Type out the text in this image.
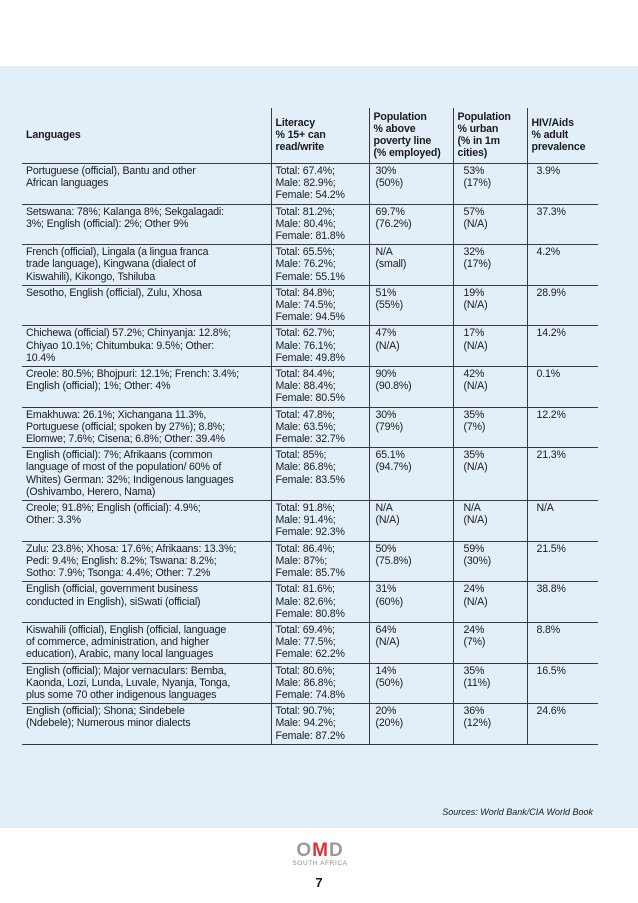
Languages	Literacy
% 15+ can
read/write	Population
% above
poverty line
(% employed)	Population
% urban
(% in 1m
cities)	HIV/Aids
% adult
prevalence

Portuguese (official), Bantu and other
African languages	Total: 67.4%;
Male: 82.9%;
Female: 54.2%	30%
(50%)	53%
(17%)	3.9%
Setswana: 78%; Kalanga 8%; Sekgalagadi:
3%; English (official): 2%; Other 9%	Total: 81.2%;
Male: 80.4%;
Female: 81.8%	69.7%
(76.2%)	57%
(N/A)	37.3%
French (official), Lingala (a lingua franca
trade language), Kingwana (dialect of
Kiswahili), Kikongo, Tshiluba	Total: 65.5%;
Male: 76.2%;
Female: 55.1%	N/A
(small)	32%
(17%)	4.2%
Sesotho, English (official), Zulu, Xhosa	Total: 84.8%;
Male: 74.5%;
Female: 94.5%	51%
(55%)	19%
(N/A)	28.9%
Chichewa (official) 57.2%; Chinyanja: 12.8%;
Chiyao 10.1%; Chitumbuka: 9.5%; Other:
10.4%	Total: 62.7%;
Male: 76.1%;
Female: 49.8%	47%
(N/A)	17%
(N/A)	14.2%
Creole: 80.5%; Bhojpuri: 12.1%; French: 3.4%;
English (official); 1%; Other: 4%	Total: 84.4%;
Male: 88.4%;
Female: 80.5%	90%
(90.8%)	42%
(N/A)	0.1%
Emakhuwa: 26.1%; Xichangana 11.3%,
Portuguese (official; spoken by 27%); 8.8%;
Elomwe; 7.6%; Cisena; 6.8%; Other: 39.4%	Total: 47.8%;
Male: 63.5%;
Female: 32.7%	30%
(79%)	35%
(7%)	12.2%
English (official): 7%; Afrikaans (common
language of most of the population/ 60% of
Whites) German: 32%; Indigenous languages
(Oshivambo, Herero, Nama)	Total: 85%;
Male: 86.8%;
Female: 83.5%	65.1%
(94.7%)	35%
(N/A)	21.3%
Creole; 91.8%; English (official): 4.9%;
Other: 3.3%	Total: 91.8%;
Male: 91.4%;
Female: 92.3%	N/A
(N/A)	N/A
(N/A)	N/A
Zulu: 23.8%; Xhosa: 17.6%; Afrikaans: 13.3%;
Pedi: 9.4%; English: 8.2%; Tswana: 8.2%;
Sotho: 7.9%; Tsonga: 4.4%; Other: 7.2%	Total: 86.4%;
Male: 87%;
Female: 85.7%	50%
(75.8%)	59%
(30%)	21.5%
English (official, government business
conducted in English), siSwati (official)	Total: 81.6%;
Male: 82.6%;
Female: 80.8%	31%
(60%)	24%
(N/A)	38.8%
Kiswahili (official), English (official, language
of commerce, administration, and higher
education), Arabic, many local languages	Total: 69.4%;
Male: 77.5%;
Female: 62.2%	64%
(N/A)	24%
(7%)	8.8%
English (official); Major vernaculars: Bemba,
Kaonda, Lozi, Lunda, Luvale, Nyanja, Tonga,
plus some 70 other indigenous languages	Total: 80.6%;
Male: 86.8%;
Female: 74.8%	14%
(50%)	35%
(11%)	16.5%
English (official); Shona; Sindebele
(Ndebele); Numerous minor dialects	Total: 90.7%;
Male: 94.2%;
Female: 87.2%	20%
(20%)	36%
(12%)	24.6%
Sources: World Bank/CIA World Book
OMD
SOUTH AFRICA
7
